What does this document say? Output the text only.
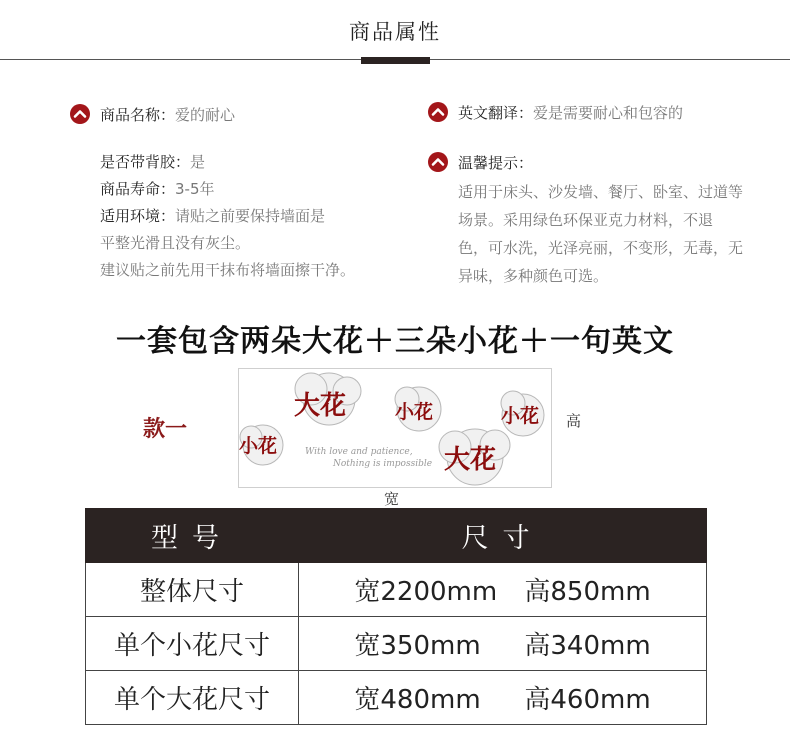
商品属性
商品名称：爱的耐心
是否带背胶：是
商品寿命：3-5年
适用环境：请贴之前要保持墙面是
平整光滑且没有灰尘。
建议贴之前先用干抹布将墙面擦干净。
英文翻译：爱是需要耐心和包容的
温馨提示：
适用于床头、沙发墙、餐厅、卧室、过道等
场景。采用绿色环保亚克力材料，不退
色，可水洗，光泽亮丽，不变形，无毒，无
异味，多种颜色可选。
一套包含两朵大花＋三朵小花＋一句英文
款一
大花	小花	小花
小花	大花
With love and patience,
Nothing is impossible
高
宽
型号	尺寸
整体尺寸	宽2200mm 高850mm
单个小花尺寸	宽350mm 高340mm
单个大花尺寸	宽480mm 高460mm
